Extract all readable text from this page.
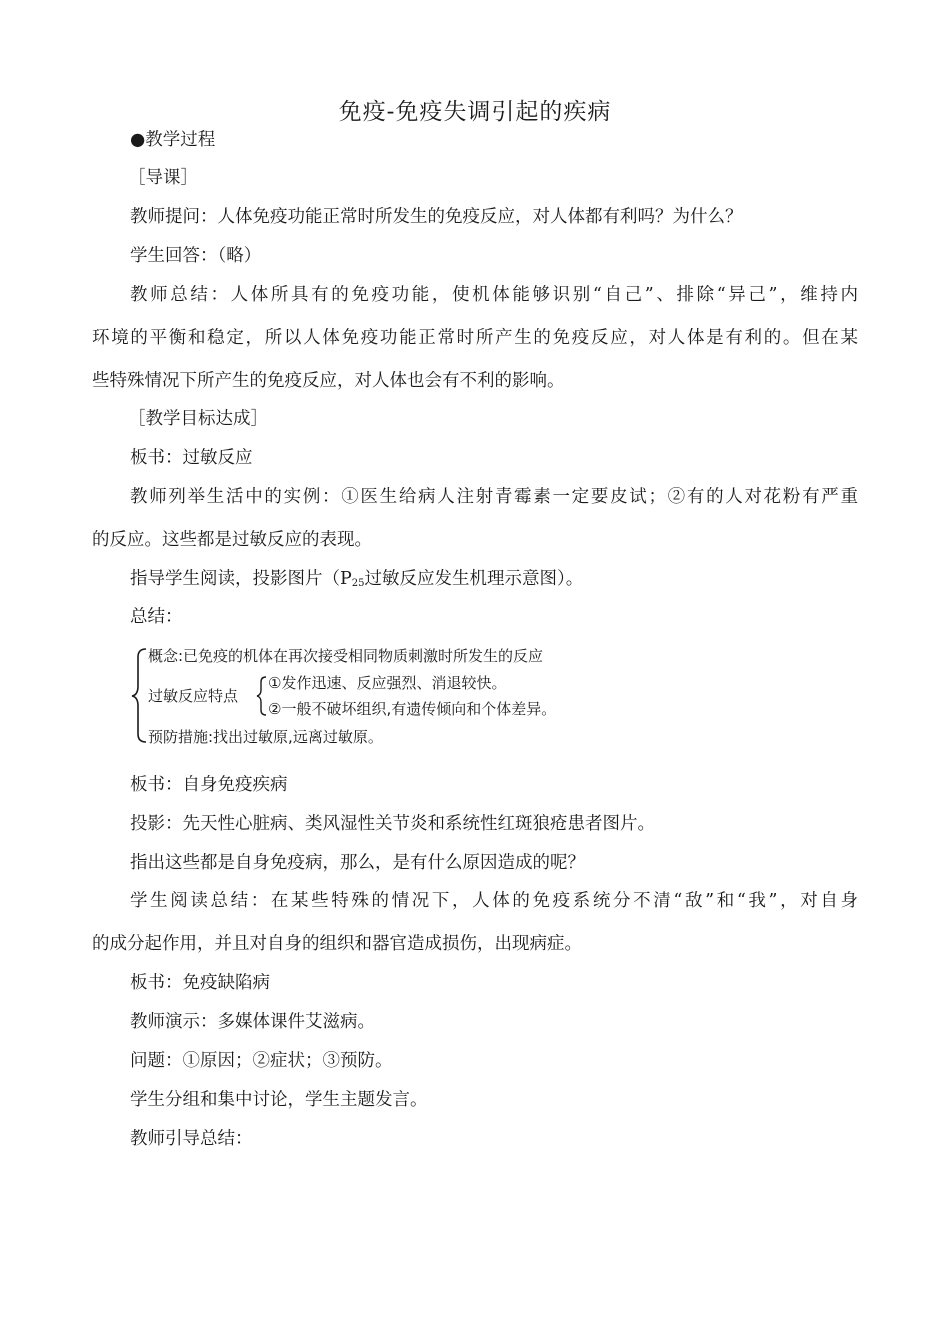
免疫-免疫失调引起的疾病
●教学过程
［导课］
教师提问：人体免疫功能正常时所发生的免疫反应，对人体都有利吗？为什么？
学生回答：（略）
教师总结：人体所具有的免疫功能，使机体能够识别“自己”、排除“异己”，维持内
环境的平衡和稳定，所以人体免疫功能正常时所产生的免疫反应，对人体是有利的。但在某
些特殊情况下所产生的免疫反应，对人体也会有不利的影响。
［教学目标达成］
板书：过敏反应
教师列举生活中的实例：①医生给病人注射青霉素一定要皮试；②有的人对花粉有严重
的反应。这些都是过敏反应的表现。
指导学生阅读，投影图片（$P_{25}$过敏反应发生机理示意图）。
总结：
概念:已免疫的机体在再次接受相同物质刺激时所发生的反应
过敏反应特点
①发作迅速、反应强烈、消退较快。
②一般不破坏组织,有遗传倾向和个体差异。
预防措施:找出过敏原,远离过敏原。
板书：自身免疫疾病
投影：先天性心脏病、类风湿性关节炎和系统性红斑狼疮患者图片。
指出这些都是自身免疫病，那么，是有什么原因造成的呢？
学生阅读总结：在某些特殊的情况下，人体的免疫系统分不清“敌”和“我”，对自身
的成分起作用，并且对自身的组织和器官造成损伤，出现病症。
板书：免疫缺陷病
教师演示：多媒体课件艾滋病。
问题：①原因；②症状；③预防。
学生分组和集中讨论，学生主题发言。
教师引导总结：
